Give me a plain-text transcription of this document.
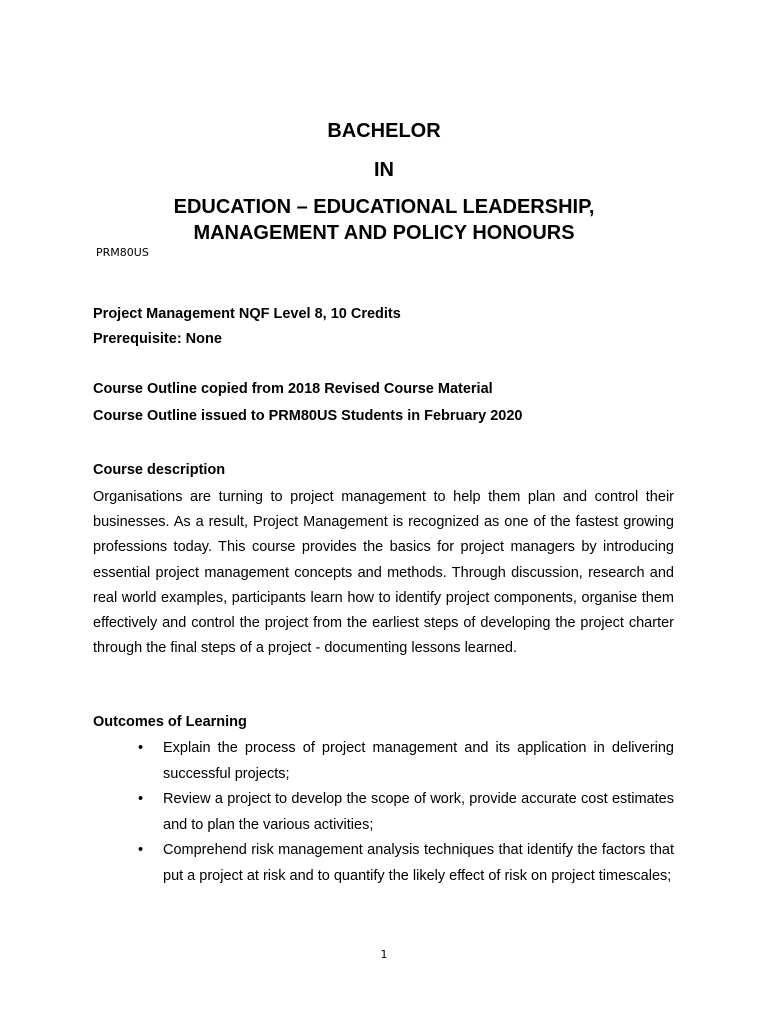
BACHELOR
IN
EDUCATION – EDUCATIONAL LEADERSHIP,
MANAGEMENT AND POLICY HONOURS
PRM80US
Project Management NQF Level 8, 10 Credits
Prerequisite: None
Course Outline copied from 2018 Revised Course Material
Course Outline issued to PRM80US Students in February 2020
Course description

Organisations are turning to project management to help them plan and control their businesses. As a result, Project Management is recognized as one of the fastest growing professions today. This course provides the basics for project managers by introducing essential project management concepts and methods. Through discussion, research and real world examples, participants learn how to identify project components, organise them effectively and control the project from the earliest steps of developing the project charter through the final steps of a project - documenting lessons learned.

Outcomes of Learning
• Explain the process of project management and its application in delivering successful projects;
• Review a project to develop the scope of work, provide accurate cost estimates and to plan the various activities;
• Comprehend risk management analysis techniques that identify the factors that put a project at risk and to quantify the likely effect of risk on project timescales;
1
